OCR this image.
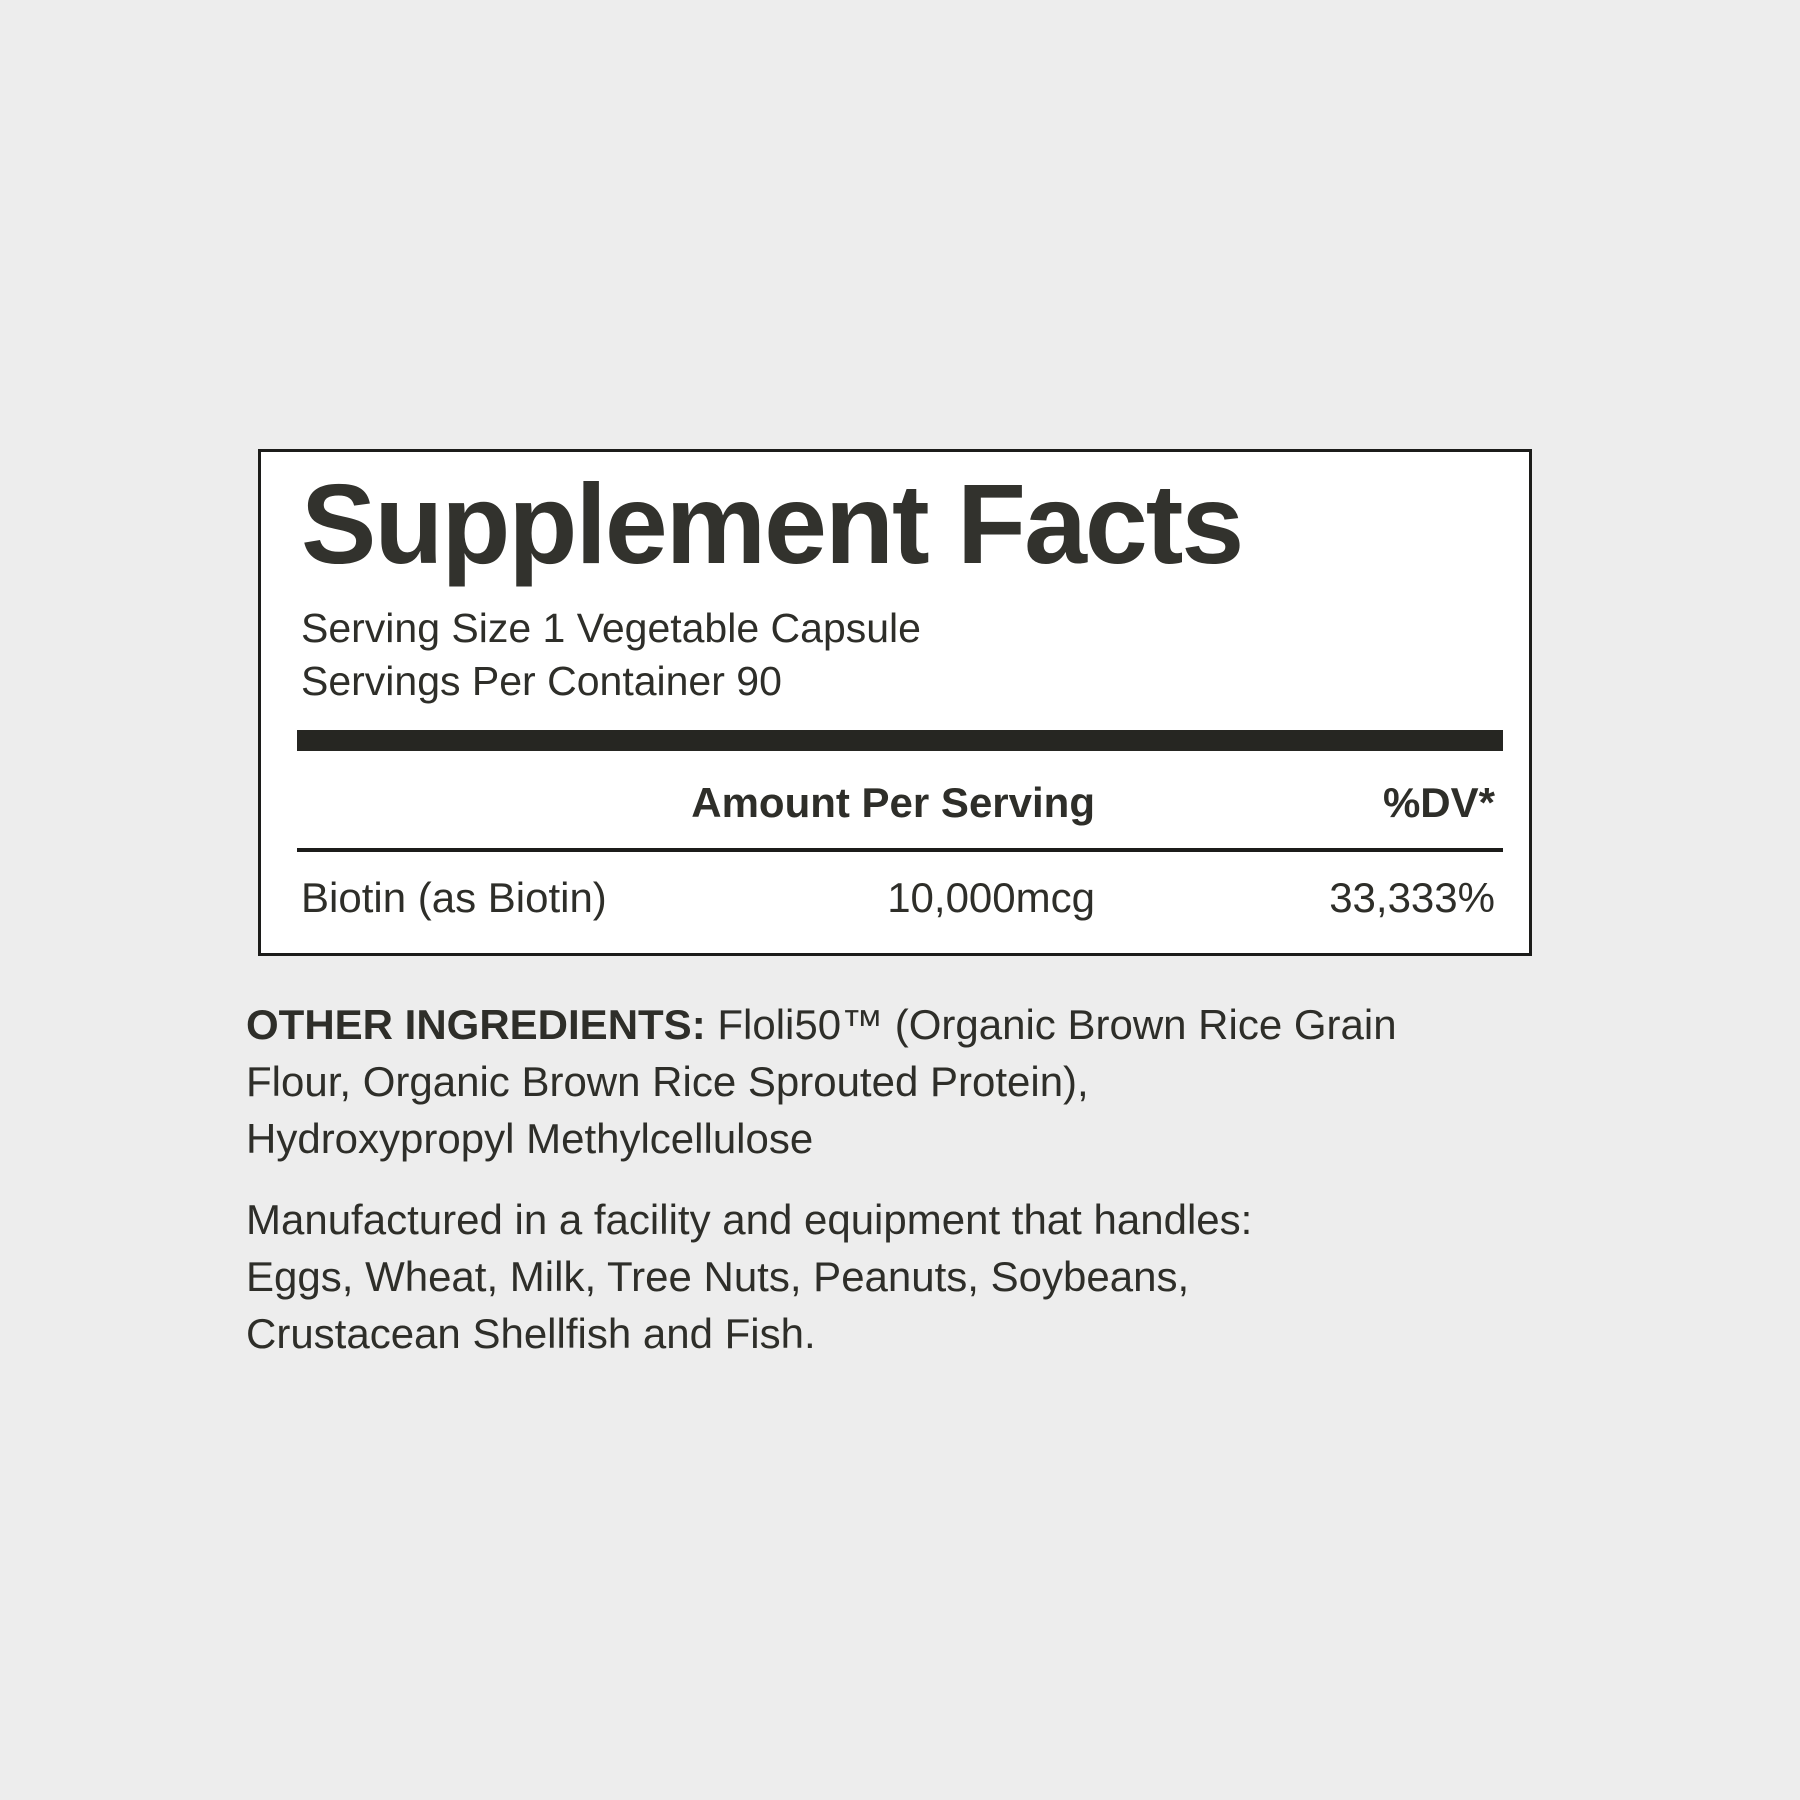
Supplement Facts

Serving Size 1 Vegetable Capsule

Servings Per Container 90

Amount Per Serving	%DV*
Biotin (as Biotin)	10,000mcg	33,333%

OTHER INGREDIENTS: Floli50™ (Organic Brown Rice Grain
Flour, Organic Brown Rice Sprouted Protein),
Hydroxypropyl Methylcellulose

Manufactured in a facility and equipment that handles:
Eggs, Wheat, Milk, Tree Nuts, Peanuts, Soybeans,
Crustacean Shellfish and Fish.
